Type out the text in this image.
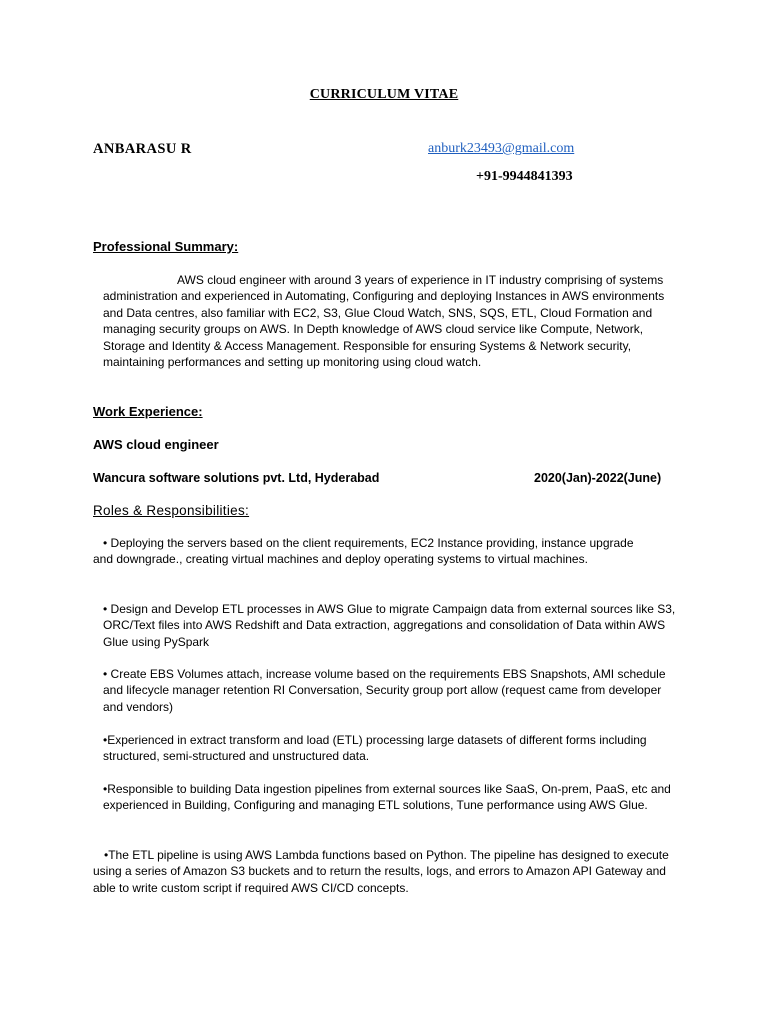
CURRICULUM VITAE
ANBARASU R	anburk23493@gmail.com
+91-9944841393
Professional Summary:

AWS cloud engineer with around 3 years of experience in IT industry comprising of systems administration and experienced in Automating, Configuring and deploying Instances in AWS environments and Data centres, also familiar with EC2, S3, Glue Cloud Watch, SNS, SQS, ETL, Cloud Formation and managing security groups on AWS. In Depth knowledge of AWS cloud service like Compute, Network, Storage and Identity & Access Management. Responsible for ensuring Systems & Network security, maintaining performances and setting up monitoring using cloud watch.

Work Experience:
AWS cloud engineer
Wancura software solutions pvt. Ltd, Hyderabad	2020(Jan)-2022(June)
Roles & Responsibilities:

• Deploying the servers based on the client requirements, EC2 Instance providing, instance upgrade and downgrade., creating virtual machines and deploy operating systems to virtual machines.

• Design and Develop ETL processes in AWS Glue to migrate Campaign data from external sources like S3, ORC/Text files into AWS Redshift and Data extraction, aggregations and consolidation of Data within AWS Glue using PySpark

• Create EBS Volumes attach, increase volume based on the requirements EBS Snapshots, AMI schedule and lifecycle manager retention RI Conversation, Security group port allow (request came from developer and vendors)

•Experienced in extract transform and load (ETL) processing large datasets of different forms including structured, semi-structured and unstructured data.

•Responsible to building Data ingestion pipelines from external sources like SaaS, On-prem, PaaS, etc and experienced in Building, Configuring and managing ETL solutions, Tune performance using AWS Glue.

•The ETL pipeline is using AWS Lambda functions based on Python. The pipeline has designed to execute using a series of Amazon S3 buckets and to return the results, logs, and errors to Amazon API Gateway and able to write custom script if required AWS CI/CD concepts.
